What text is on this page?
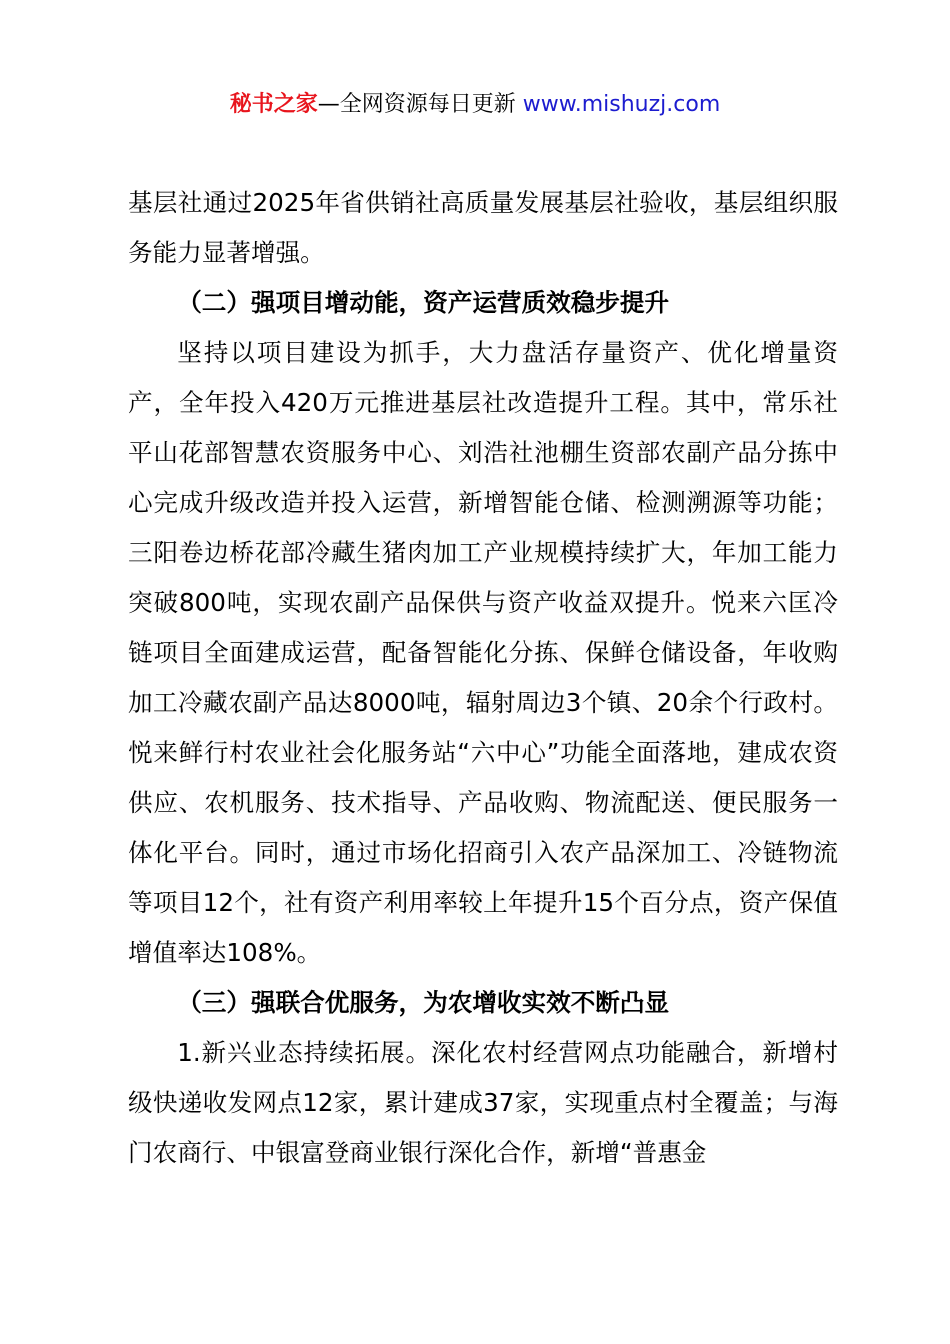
秘书之家—全网资源每日更新 www.mishuzj.com

基层社通过2025年省供销社高质量发展基层社验收，基层组织服务能力显著增强。

（二）强项目增动能，资产运营质效稳步提升

坚持以项目建设为抓手，大力盘活存量资产、优化增量资产，全年投入420万元推进基层社改造提升工程。其中，常乐社平山花部智慧农资服务中心、刘浩社池棚生资部农副产品分拣中心完成升级改造并投入运营，新增智能仓储、检测溯源等功能；三阳卷边桥花部冷藏生猪肉加工产业规模持续扩大，年加工能力突破800吨，实现农副产品保供与资产收益双提升。悦来六匡冷链项目全面建成运营，配备智能化分拣、保鲜仓储设备，年收购加工冷藏农副产品达8000吨，辐射周边3个镇、20余个行政村。悦来鲜行村农业社会化服务站“六中心”功能全面落地，建成农资供应、农机服务、技术指导、产品收购、物流配送、便民服务一体化平台。同时，通过市场化招商引入农产品深加工、冷链物流等项目12个，社有资产利用率较上年提升15个百分点，资产保值增值率达108%。

（三）强联合优服务，为农增收实效不断凸显

1.新兴业态持续拓展。深化农村经营网点功能融合，新增村级快递收发网点12家，累计建成37家，实现重点村全覆盖；与海门农商行、中银富登商业银行深化合作，新增“普惠金
